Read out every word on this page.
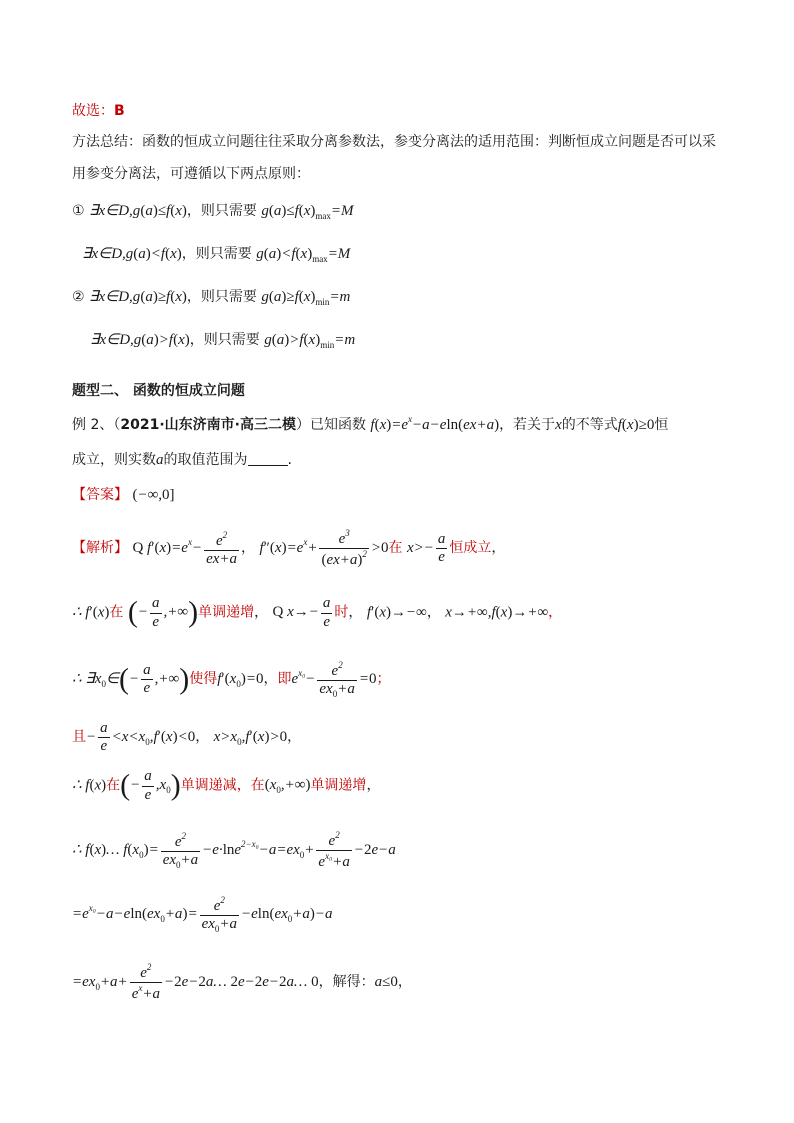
故选：B
方法总结：函数的恒成立问题往往采取分离参数法，参变分离法的适用范围：判断恒成立问题是否可以采
用参变分离法，可遵循以下两点原则：
① ∃x∈D,g(a)≤f(x)，则只需要 $g(a)\le f(x)_{max}=M$
∃x∈D,g(a)<f(x)，则只需要 $g(a)<f(x)_{max}=M$
② ∃x∈D,g(a)≥f(x)，则只需要 $g(a)\ge f(x)_{min}=m$
∃x∈D,g(a)>f(x)，则只需要 $g(a)>f(x)_{min}=m$
题型二、 函数的恒成立问题
例 2、（2021·山东济南市·高三二模）已知函数 $f(x)=e^x-a-eln(ex+a)$，若关于x的不等式f(x)≥0恒
成立，则实数a的取值范围为	.
【答案】 (−∞,0]
【解析】 Q $f'(x)=e^x- \frac{e^2}{ex+a}$ ， $f''(x)=e^x+ \frac{e^3}{(ex+a)^2} >0$在 $x>- \frac{a}{e}$ 恒成立，
∴ f′(x)在 (− $\frac{a}{e}$ ,+∞)单调递增， Q $x\to- \frac{a}{e}$ 时， f′(x)→−∞， x→+∞,f(x)→+∞，
∴ $\exists x_0\in(- \frac{a}{e}$ ,+∞)使得$f'(x_0)=0$，即$e^{x_0}- \frac{e^2}{ex_0+a} =0$；
且− $\frac{a}{e} <x<x_0,f'(x)<0$， $x>x_0,f'(x)>0$，
∴ f(x)在(− $\frac{a}{e} ,x_0$)单调递减，在$(x_0,+\infty)$单调递增，
∴ f(x)… $f(x_0)= \frac{e^2}{ex_0+a} -e\cdot\ln e^{2-x_0}-a=ex_0+ \frac{e^2}{e^{x_0}+a} -2e-a$
$=e^{x_0}-a-eln(ex_0+a)= \frac{e^2}{ex_0+a} -eln(ex_0+a)-a$
$=ex_0+a+ \frac{e^2}{e^x+a}$ −2e−2a… 2e−2e−2a… 0，解得：a≤0，
